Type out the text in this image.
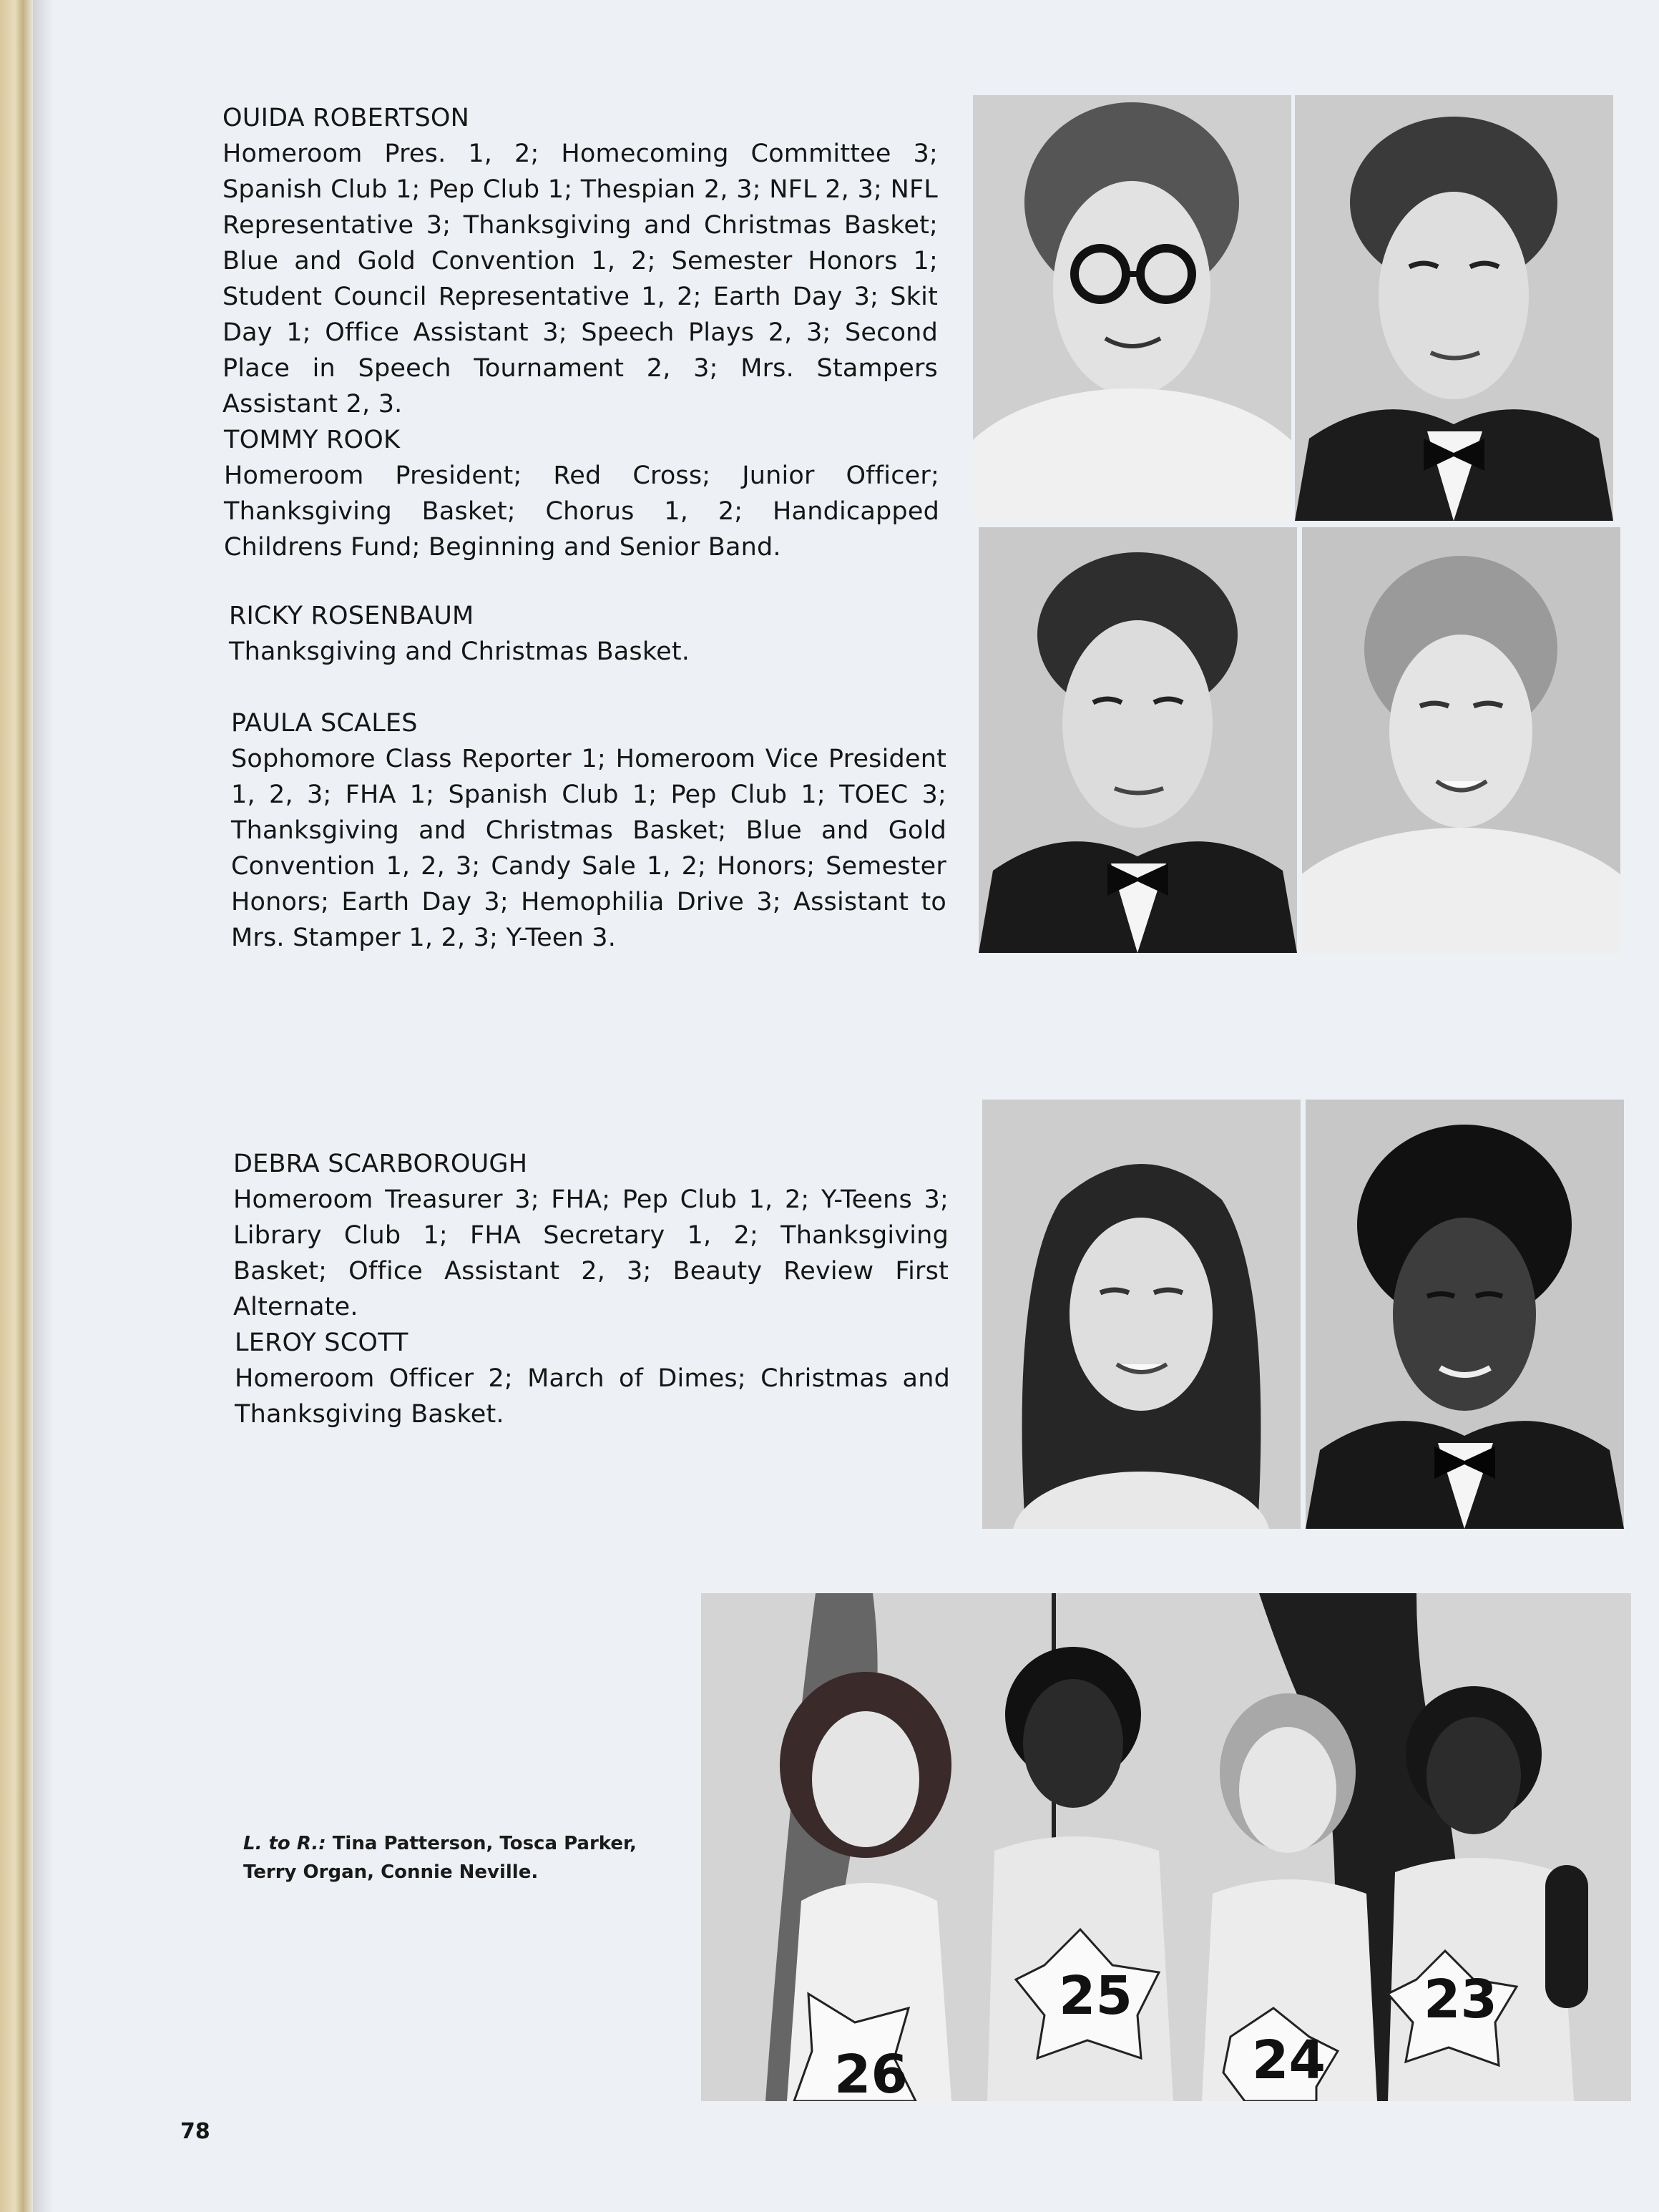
OUIDA ROBERTSON
Homeroom Pres. 1, 2; Homecoming Committee 3; Spanish Club 1; Pep Club 1; Thespian 2, 3; NFL 2, 3; NFL Representative 3; Thanksgiving and Christmas Basket; Blue and Gold Convention 1, 2; Semester Honors 1; Student Council Representative 1, 2; Earth Day 3; Skit Day 1; Office Assistant 3; Speech Plays 2, 3; Second Place in Speech Tournament 2, 3; Mrs. Stampers Assistant 2, 3.
TOMMY ROOK
Homeroom President; Red Cross; Junior Officer; Thanksgiving Basket; Chorus 1, 2; Handicapped Childrens Fund; Beginning and Senior Band.
RICKY ROSENBAUM
Thanksgiving and Christmas Basket.
PAULA SCALES
Sophomore Class Reporter 1; Homeroom Vice President 1, 2, 3; FHA 1; Spanish Club 1; Pep Club 1; TOEC 3; Thanksgiving and Christmas Basket; Blue and Gold Convention 1, 2, 3; Candy Sale 1, 2; Honors; Semester Honors; Earth Day 3; Hemophilia Drive 3; Assistant to Mrs. Stamper 1, 2, 3; Y-Teen 3.
DEBRA SCARBOROUGH
Homeroom Treasurer 3; FHA; Pep Club 1, 2; Y-Teens 3; Library Club 1; FHA Secretary 1, 2; Thanksgiving Basket; Office Assistant 2, 3; Beauty Review First Alternate.
LEROY SCOTT
Homeroom Officer 2; March of Dimes; Christmas and Thanksgiving Basket.
26
25
24
23
L. to R.: Tina Patterson, Tosca Parker, Terry Organ, Connie Neville.
78
